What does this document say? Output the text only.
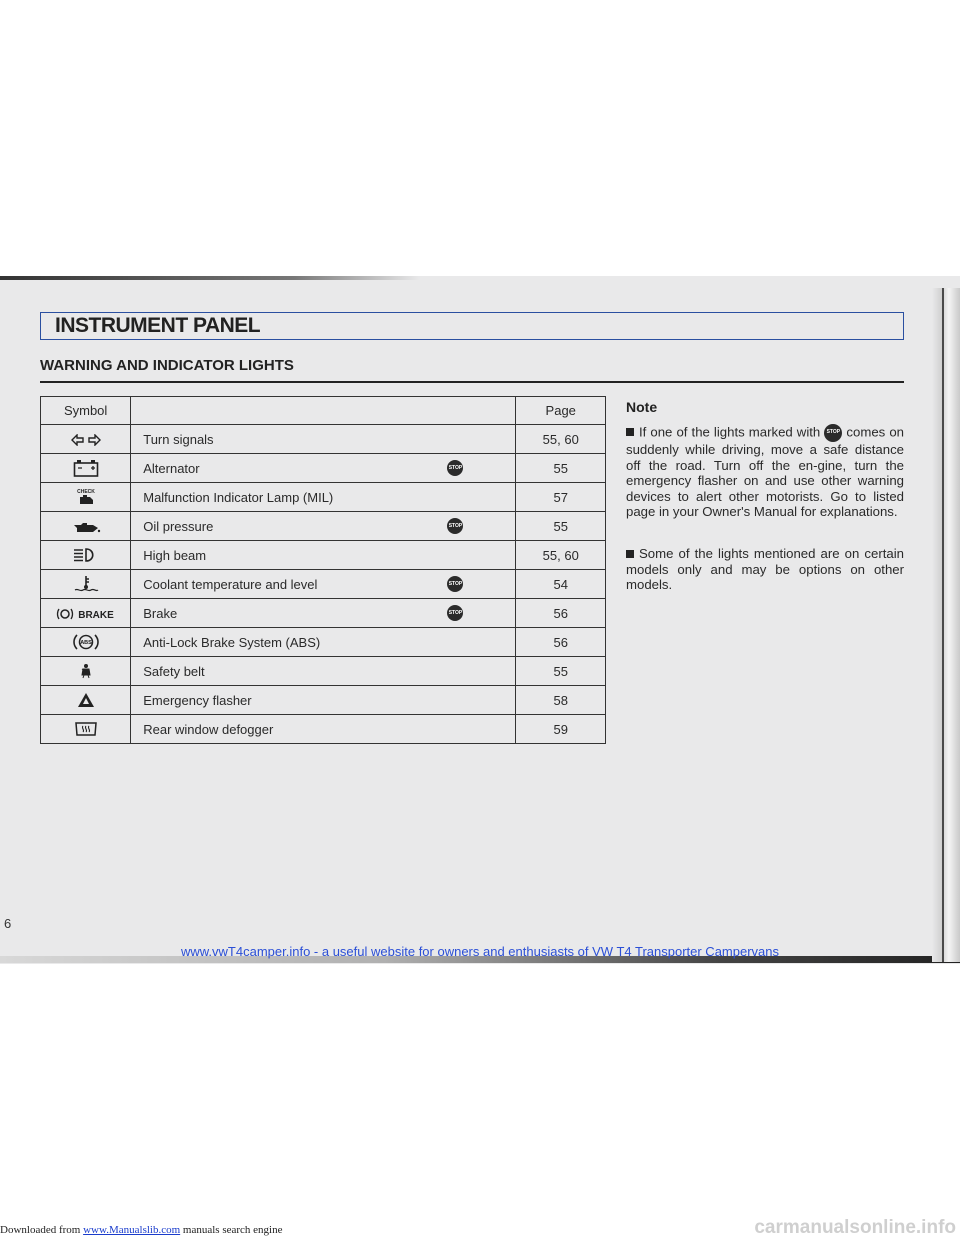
INSTRUMENT PANEL
WARNING AND INDICATOR LIGHTS
Symbol		Page
	Turn signals	55, 60
	Alternator STOP	55

CHECK	Malfunction Indicator Lamp (MIL)	57
	Oil pressure STOP	55
	High beam	55, 60
	Coolant temperature and level STOP	54

BRAKE	Brake STOP	56

ABS	Anti-Lock Brake System (ABS)	56
	Safety belt	55
	Emergency flasher	58
	Rear window defogger	59
Note
If one of the lights marked with STOP comes on suddenly while driving, move a safe distance off the road. Turn off the en-gine, turn the emergency flasher on and use other warning devices to alert other motorists. Go to listed page in your Owner's Manual for explanations.
Some of the lights mentioned are on certain models only and may be options on other models.
6
www.vwT4camper.info - a useful website for owners and enthusiasts of VW T4 Transporter Campervans
Downloaded from www.Manualslib.com manuals search engine	carmanualsonline.info
